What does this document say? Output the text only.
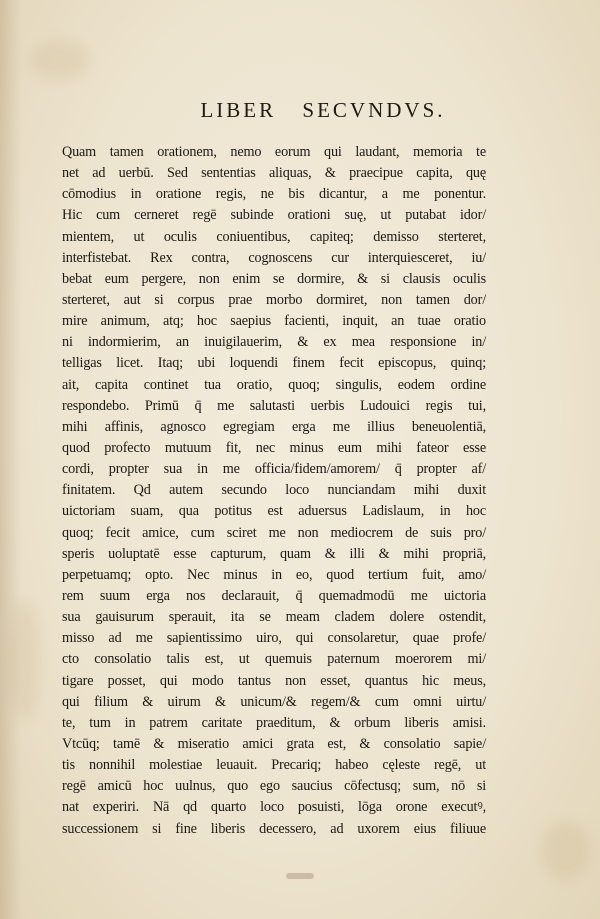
LIBER SECVNDVS.
Quam tamen orationem, nemo eorum qui laudant, memoria te
net ad uerbū. Sed sententias aliquas, & praecipue capita, quę
cōmodius in oratione regis, ne bis dicantur, a me ponentur.
Hic cum cerneret regē subinde orationi suę, ut putabat idor/
mientem, ut oculis coniuentibus, capiteq; demisso sterteret,
interfistebat. Rex contra, cognoscens cur interquiesceret, iu/
bebat eum pergere, non enim se dormire, & si clausis oculis
sterteret, aut si corpus prae morbo dormiret, non tamen dor/
mire animum, atq; hoc saepius facienti, inquit, an tuae oratio
ni indormierim, an inuigilauerim, & ex mea responsione in/
telligas licet. Itaq; ubi loquendi finem fecit episcopus, quinq;
ait, capita continet tua oratio, quoq; singulis, eodem ordine
respondebo. Primū q̄ me salutasti uerbis Ludouici regis tui,
mihi affinis, agnosco egregiam erga me illius beneuolentiā,
quod profecto mutuum fit, nec minus eum mihi fateor esse
cordi, propter sua in me officia/fidem/amorem/ q̄ propter af/
finitatem. Qd autem secundo loco nunciandam mihi duxit
uictoriam suam, qua potitus est aduersus Ladislaum, in hoc
quoq; fecit amice, cum sciret me non mediocrem de suis pro/
speris uoluptatē esse capturum, quam & illi & mihi propriā,
perpetuamq; opto. Nec minus in eo, quod tertium fuit, amo/
rem suum erga nos declarauit, q̄ quemadmodū me uictoria
sua gauisurum sperauit, ita se meam cladem dolere ostendit,
misso ad me sapientissimo uiro, qui consolaretur, quae profe/
cto consolatio talis est, ut quemuis paternum moerorem mi/
tigare posset, qui modo tantus non esset, quantus hic meus,
qui filium & uirum & unicum/& regem/& cum omni uirtu/
te, tum in patrem caritate praeditum, & orbum liberis amisi.
Vtcūq; tamē & miseratio amici grata est, & consolatio sapie/
tis nonnihil molestiae leuauit. Precariq; habeo cęleste regē, ut
regē amicū hoc uulnus, quo ego saucius cōfectusq; sum, nō si
nat experiri. Nā qd quarto loco posuisti, lōga orone executꝰ,
successionem si fine liberis decessero, ad uxorem eius filiuue
